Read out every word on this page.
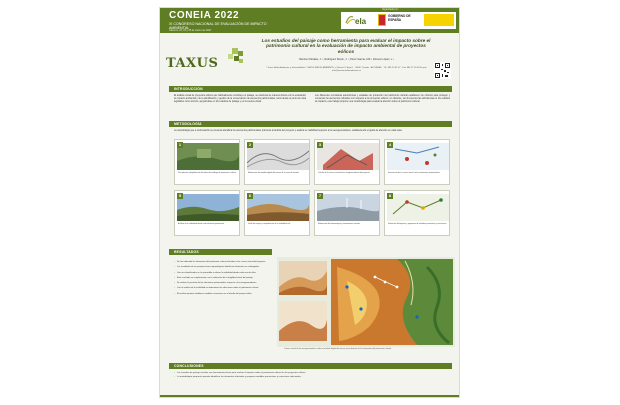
CONEIA 2022
XI CONGRESO NACIONAL DE EVALUACIÓN DE IMPACTO AMBIENTAL
Cáceres, 23, 24 y 25 de marzo de 2022
Organizado por:
ela
GOBIERNO DE ESPAÑA
TAXUS
Los estudios del paisaje como herramienta para evaluar el impacto sobre el patrimonio cultural en la evaluación de impacto ambiental de proyectos eólicos
Ramírez Morales, J. ¹, Rodríguez Simón, J. ¹, Pérez García, A.B.¹, Romero López, L.¹
¹ Taxus Medio Ambiente y Sostenibilidad · TAXUS MEDIO AMBIENTE, c/ Boreal 3, Bajo D · 33007 Oviedo · ASTURIAS · Tlf.: 985 25 82 47 · Fax 985 27 26 48 E-mail: info@taxusmedioambiente.es
INTRODUCCIÓN
El análisis visual de proyectos eólicos que habitualmente constituye el paisaje, se relaciona de manera directa con la evaluación de impacto ambiental y de la planificación y gestión de la conservación de elementos patrimoniales, tanto desde el punto de vista legislativo como técnico, apoyándose en los estudios de paisaje y en la cuenca visual.
Los diferentes normativas autonómicas y estatales de protección del patrimonio cultural establecen los criterios para proteger y conservar los elementos culturales con respecto a los proyectos eólicos, no obstante, son frecuentes las deficiencias en los estudios de impacto; este trabajo propone una metodología para evaluar la afección sobre el patrimonio cultural.
METODOLOGÍA
La metodología que a continuación se presenta identifica los elementos patrimoniales próximos al ámbito del proyecto y analiza su visibilidad respecto a los aerogeneradores, estableciendo el grado de afección en cada caso.
Recopilación y digitalización de datos del catálogo de patrimonio cultural.
1
Elaboración del modelo digital del terreno de la zona de estudio.
2
Cálculo de la cuenca visual de los aerogeneradores del proyecto.
3
Intersección de la cuenca visual con los elementos patrimoniales.
4
Análisis de la visibilidad desde cada elemento patrimonial.
5
Visita de campo y comprobación de la visibilidad real.
6
Elaboración de fotomontajes y simulaciones visuales.
7
Valoración del impacto y propuesta de medidas preventivas y correctoras.
8
RESULTADOS

• Se han obtenido los elementos del patrimonio cultural incluidos en la cuenca visual del proyecto.

• Los resultados de las prospecciones arqueológicas identifican elementos no catalogados.

• Una vez identificados se ha procedido a valorar la visibilidad desde cada uno de ellos.

• Este resultado se complementa con la valoración de la fragilidad visual del paisaje.

• Se analiza la posición de los elementos patrimoniales respecto a los aerogeneradores.

• Con el análisis de la visibilidad se determinan las afecciones sobre el patrimonio cultural.

• El análisis permite establecer medidas correctoras en el diseño del parque eólico.

Cuenca visual de los aerogeneradores sobre el modelo digital del terreno y localización de los elementos del patrimonio cultural.
CONCLUSIONES

• Los estudios de paisaje resultan una herramienta eficaz para evaluar el impacto sobre el patrimonio cultural en los proyectos eólicos.

• La metodología propuesta permite identificar los elementos afectados y proponer medidas preventivas y correctoras adecuadas.
